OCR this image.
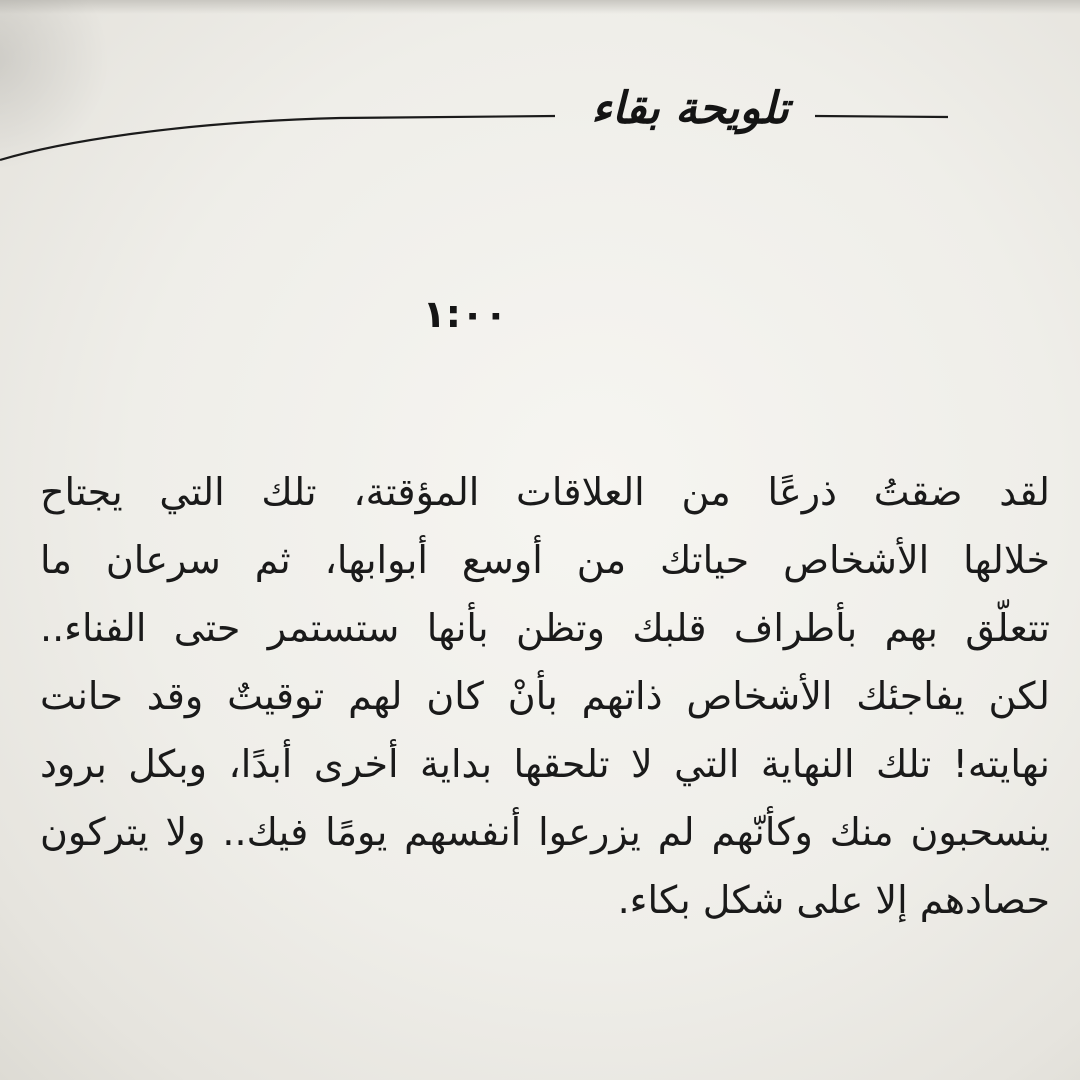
تلويحة بقاء
١:٠٠
لقد ضقتُ ذرعًا من العلاقات المؤقتة، تلك التي يجتاح
خلالها الأشخاص حياتك من أوسع أبوابها، ثم سرعان ما
تتعلّق بهم بأطراف قلبك وتظن بأنها ستستمر حتى الفناء..
لكن يفاجئك الأشخاص ذاتهم بأنْ كان لهم توقيتٌ وقد حانت
نهايته! تلك النهاية التي لا تلحقها بداية أخرى أبدًا، وبكل برود
ينسحبون منك وكأنّهم لم يزرعوا أنفسهم يومًا فيك.. ولا يتركون
حصادهم إلا على شكل بكاء.
